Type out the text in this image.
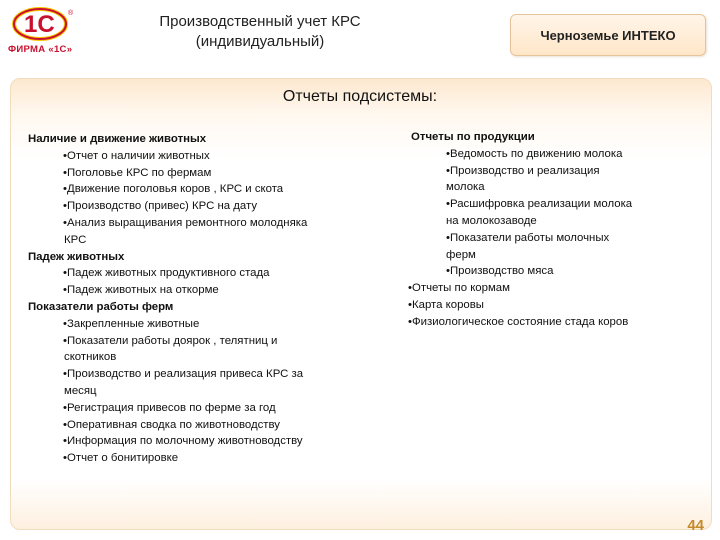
1С ®
ФИРМА «1С»
Производственный учет КРС
(индивидуальный)	Черноземье ИНТЕКО
Отчеты подсистемы:
Наличие и движение животных
•Отчет о наличии животных
•Поголовье КРС по фермам
•Движение поголовья коров , КРС и скота
•Производство (привес) КРС на дату
•Анализ выращивания ремонтного молодняка
КРС
Падеж животных
•Падеж животных продуктивного стада
•Падеж животных на откорме
Показатели работы ферм
•Закрепленные животные
•Показатели работы доярок , телятниц и
скотников
•Производство и реализация привеса КРС за
месяц
•Регистрация привесов по ферме за год
•Оперативная сводка по животноводству
•Информация по молочному животноводству
•Отчет о бонитировке
Отчеты по продукции
•Ведомость по движению молока
•Производство и реализация
молока
•Расшифровка реализации молока
на молокозаводе
•Показатели работы молочных
ферм
•Производство мяса
•Отчеты по кормам
•Карта коровы
•Физиологическое состояние стада коров
44
